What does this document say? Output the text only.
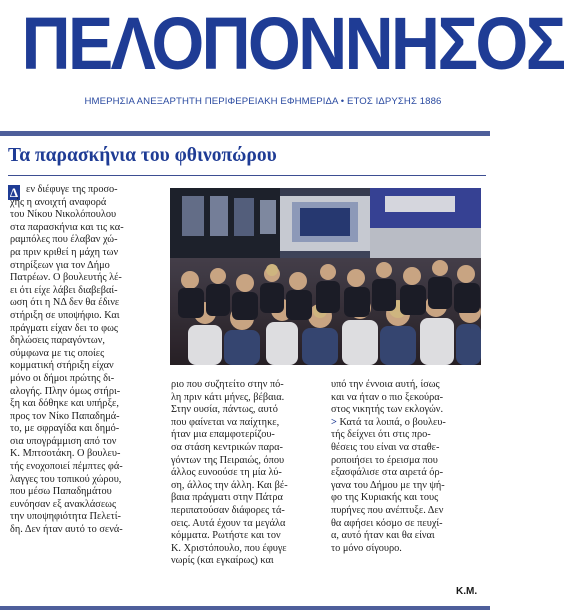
ΠΕΛΟΠΟΝΝΗΣΟΣ
ΗΜΕΡΗΣΙΑ ΑΝΕΞΑΡΤΗΤΗ ΠΕΡΙΦΕΡΕΙΑΚΗ ΕΦΗΜΕΡΙΔΑ • ΕΤΟΣ ΙΔΡΥΣΗΣ 1886
Τα παρασκήνια του φθινοπώρου
Δ εν διέφυγε της προσο-
χής η ανοιχτή αναφορά
του Νίκου Νικολόπουλου
στα παρασκήνια και τις κα-
ραμπόλες που έλαβαν χώ-
ρα πριν κριθεί η μάχη των
στηρίξεων για τον Δήμο
Πατρέων. Ο βουλευτής λέ-
ει ότι είχε λάβει διαβεβαί-
ωση ότι η ΝΔ δεν θα έδινε
στήριξη σε υποψήφιο. Και
πράγματι είχαν δει το φως
δηλώσεις παραγόντων,
σύμφωνα με τις οποίες
κομματική στήριξη είχαν
μόνο οι δήμοι πρώτης δι-
αλογής. Πλην όμως στήρι-
ξη και δόθηκε και υπήρξε,
προς τον Νίκο Παπαδημά-
το, με σφραγίδα και δημό-
σια υπογράμμιση από τον
Κ. Μπτσοτάκη. Ο βουλευ-
τής ενοχοποιεί πέμπτες φά-
λαγγες του τοπικού χώρου,
που μέσω Παπαδημάτου
ευνόησαν εξ ανακλάσεως
την υποψηφιότητα Πελετί-
δη. Δεν ήταν αυτό το σενά-
ριο που συζητείτο στην πό-
λη πριν κάτι μήνες, βέβαια.
Στην ουσία, πάντως, αυτό
που φαίνεται να παίχτηκε,
ήταν μια επαμφοτερίζου-
σα στάση κεντρικών παρα-
γόντων της Πειραιώς, όπου
άλλος ευνοούσε τη μία λύ-
ση, άλλος την άλλη. Και βέ-
βαια πράγματι στην Πάτρα
περιπατούσαν διάφορες τά-
σεις. Αυτά έχουν τα μεγάλα
κόμματα. Ρωτήστε και τον
Κ. Χριστόπουλο, που έφυγε
νωρίς (και εγκαίρως) και
υπό την έννοια αυτή, ίσως
και να ήταν ο πιο ξεκούρα-
στος νικητής των εκλογών.
> Κατά τα λοιπά, ο βουλευ-
τής δείχνει ότι στις προ-
θέσεις του είναι να σταθε-
ροποιήσει το έρεισμα που
εξασφάλισε στα αιρετά όρ-
γανα του Δήμου με την ψή-
φο της Κυριακής και τους
πυρήνες που ανέπτυξε. Δεν
θα αφήσει κόσμο σε πευχί-
α, αυτό ήταν και θα είναι
το μόνο σίγουρο.
Κ.Μ.
